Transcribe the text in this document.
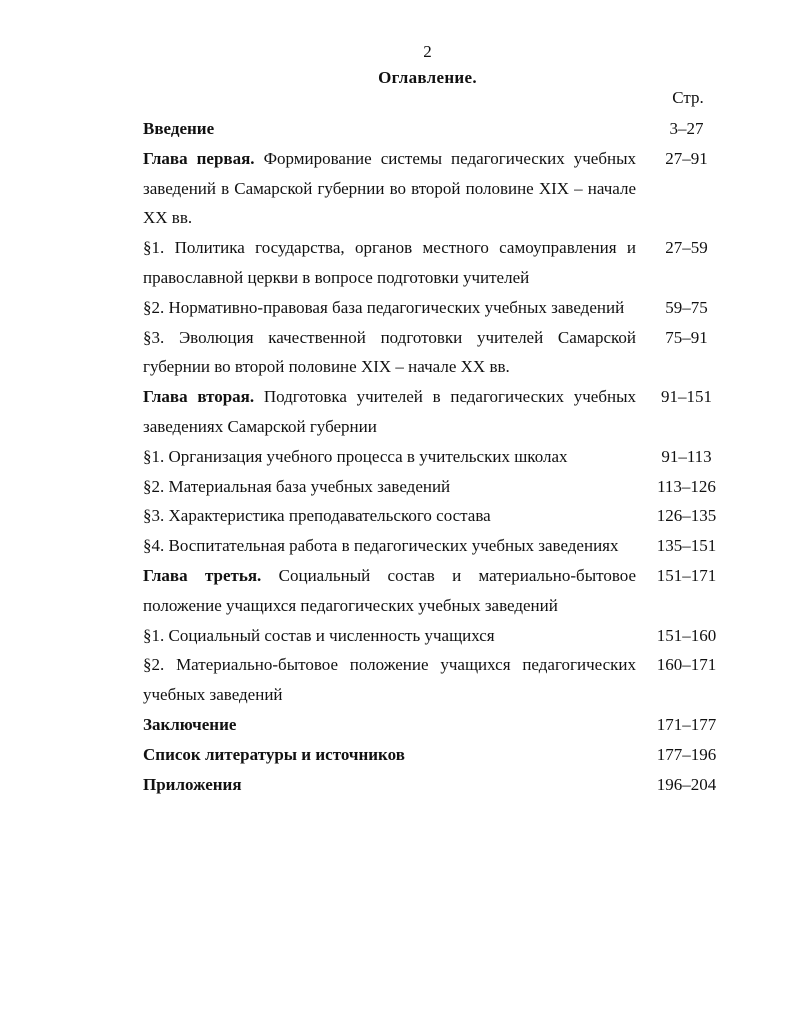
2
Оглавление.
Стр.
Введение	3–27
Глава первая. Формирование системы педагогических учебных заведений в Самарской губернии во второй половине XIX – начале XX вв.
27–91
§1. Политика государства, органов местного самоуправления и православной церкви в вопросе подготовки учителей
27–59
§2. Нормативно-правовая база педагогических учебных заведений	59–75
§3. Эволюция качественной подготовки учителей Самарской губернии во второй половине XIX – начале XX вв.
75–91
Глава вторая. Подготовка учителей в педагогических учебных заведениях Самарской губернии
91–151
§1. Организация учебного процесса в учительских школах	91–113
§2. Материальная база учебных заведений	113–126
§3. Характеристика преподавательского состава	126–135
§4. Воспитательная работа в педагогических учебных заведениях	135–151
Глава третья. Социальный состав и материально-бытовое положение учащихся педагогических учебных заведений
151–171
§1. Социальный состав и численность учащихся	151–160
§2. Материально-бытовое положение учащихся педагогических учебных заведений
160–171
Заключение	171–177
Список литературы и источников	177–196
Приложения	196–204
